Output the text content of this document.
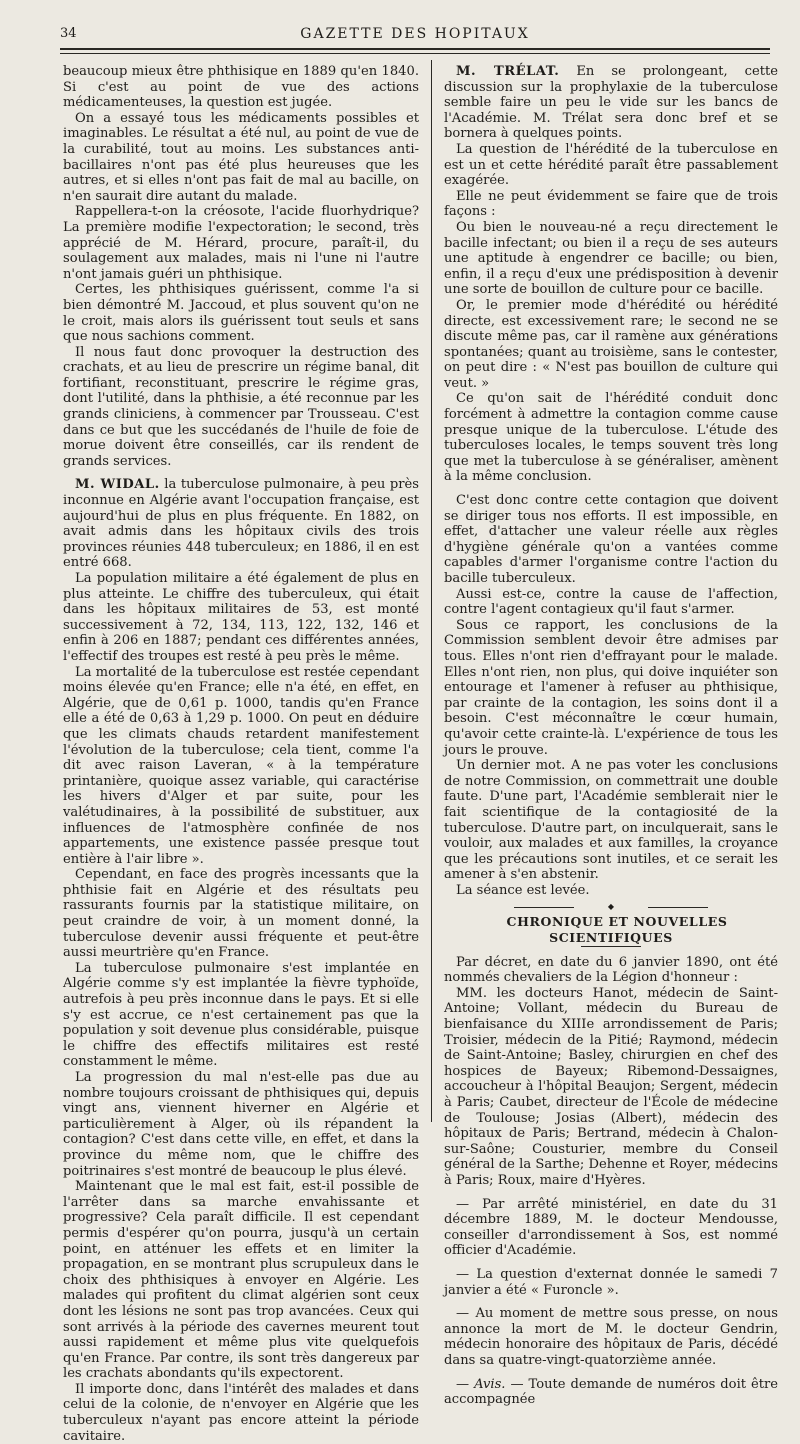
34	GAZETTE DES HOPITAUX

beaucoup mieux être phthisique en 1889 qu'en 1840. Si c'est au point de vue des actions médicamenteuses, la question est jugée.

On a essayé tous les médicaments possibles et imaginables. Le résultat a été nul, au point de vue de la curabilité, tout au moins. Les substances anti-bacillaires n'ont pas été plus heureuses que les autres, et si elles n'ont pas fait de mal au bacille, on n'en saurait dire autant du malade.

Rappellera-t-on la créosote, l'acide fluorhydrique? La première modifie l'expectoration; le second, très apprécié de M. Hérard, procure, paraît-il, du soulagement aux malades, mais ni l'une ni l'autre n'ont jamais guéri un phthisique.

Certes, les phthisiques guérissent, comme l'a si bien démontré M. Jaccoud, et plus souvent qu'on ne le croit, mais alors ils guérissent tout seuls et sans que nous sachions comment.

Il nous faut donc provoquer la destruction des crachats, et au lieu de prescrire un régime banal, dit fortifiant, reconstituant, prescrire le régime gras, dont l'utilité, dans la phthisie, a été reconnue par les grands cliniciens, à commencer par Trousseau. C'est dans ce but que les succédanés de l'huile de foie de morue doivent être conseillés, car ils rendent de grands services.

M. WIDAL. la tuberculose pulmonaire, à peu près inconnue en Algérie avant l'occupation française, est aujourd'hui de plus en plus fréquente. En 1882, on avait admis dans les hôpitaux civils des trois provinces réunies 448 tuberculeux; en 1886, il en est entré 668.

La population militaire a été également de plus en plus atteinte. Le chiffre des tuberculeux, qui était dans les hôpitaux militaires de 53, est monté successivement à 72, 134, 113, 122, 132, 146 et enfin à 206 en 1887; pendant ces différentes années, l'effectif des troupes est resté à peu près le même.

La mortalité de la tuberculose est restée cependant moins élevée qu'en France; elle n'a été, en effet, en Algérie, que de 0,61 p. 1000, tandis qu'en France elle a été de 0,63 à 1,29 p. 1000. On peut en déduire que les climats chauds retardent manifestement l'évolution de la tuberculose; cela tient, comme l'a dit avec raison Laveran, « à la température printanière, quoique assez variable, qui caractérise les hivers d'Alger et par suite, pour les valétudinaires, à la possibilité de substituer, aux influences de l'atmosphère confinée de nos appartements, une existence passée presque tout entière à l'air libre ».

Cependant, en face des progrès incessants que la phthisie fait en Algérie et des résultats peu rassurants fournis par la statistique militaire, on peut craindre de voir, à un moment donné, la tuberculose devenir aussi fréquente et peut-être aussi meurtrière qu'en France.

La tuberculose pulmonaire s'est implantée en Algérie comme s'y est implantée la fièvre typhoïde, autrefois à peu près inconnue dans le pays. Et si elle s'y est accrue, ce n'est certainement pas que la population y soit devenue plus considérable, puisque le chiffre des effectifs militaires est resté constamment le même.

La progression du mal n'est-elle pas due au nombre toujours croissant de phthisiques qui, depuis vingt ans, viennent hiverner en Algérie et particulièrement à Alger, où ils répandent la contagion? C'est dans cette ville, en effet, et dans la province du même nom, que le chiffre des poitrinaires s'est montré de beaucoup le plus élevé.

Maintenant que le mal est fait, est-il possible de l'arrêter dans sa marche envahissante et progressive? Cela paraît difficile. Il est cependant permis d'espérer qu'on pourra, jusqu'à un certain point, en atténuer les effets et en limiter la propagation, en se montrant plus scrupuleux dans le choix des phthisiques à envoyer en Algérie. Les malades qui profitent du climat algérien sont ceux dont les lésions ne sont pas trop avancées. Ceux qui sont arrivés à la période des cavernes meurent tout aussi rapidement et même plus vite quelquefois qu'en France. Par contre, ils sont très dangereux par les crachats abondants qu'ils expectorent.

Il importe donc, dans l'intérêt des malades et dans celui de la colonie, de n'envoyer en Algérie que les tuberculeux n'ayant pas encore atteint la période cavitaire.

M. TRÉLAT. En se prolongeant, cette discussion sur la prophylaxie de la tuberculose semble faire un peu le vide sur les bancs de l'Académie. M. Trélat sera donc bref et se bornera à quelques points.

La question de l'hérédité de la tuberculose en est un et cette hérédité paraît être passablement exagérée.

Elle ne peut évidemment se faire que de trois façons :

Ou bien le nouveau-né a reçu directement le bacille infectant; ou bien il a reçu de ses auteurs une aptitude à engendrer ce bacille; ou bien, enfin, il a reçu d'eux une prédisposition à devenir une sorte de bouillon de culture pour ce bacille.

Or, le premier mode d'hérédité ou hérédité directe, est excessivement rare; le second ne se discute même pas, car il ramène aux générations spontanées; quant au troisième, sans le contester, on peut dire : « N'est pas bouillon de culture qui veut. »

Ce qu'on sait de l'hérédité conduit donc forcément à admettre la contagion comme cause presque unique de la tuberculose. L'étude des tuberculoses locales, le temps souvent très long que met la tuberculose à se généraliser, amènent à la même conclusion.

C'est donc contre cette contagion que doivent se diriger tous nos efforts. Il est impossible, en effet, d'attacher une valeur réelle aux règles d'hygiène générale qu'on a vantées comme capables d'armer l'organisme contre l'action du bacille tuberculeux.

Aussi est-ce, contre la cause de l'affection, contre l'agent contagieux qu'il faut s'armer.

Sous ce rapport, les conclusions de la Commission semblent devoir être admises par tous. Elles n'ont rien d'effrayant pour le malade. Elles n'ont rien, non plus, qui doive inquiéter son entourage et l'amener à refuser au phthisique, par crainte de la contagion, les soins dont il a besoin. C'est méconnaître le cœur humain, qu'avoir cette crainte-là. L'expérience de tous les jours le prouve.

Un dernier mot. A ne pas voter les conclusions de notre Commission, on commettrait une double faute. D'une part, l'Académie semblerait nier le fait scientifique de la contagiosité de la tuberculose. D'autre part, on inculquerait, sans le vouloir, aux malades et aux familles, la croyance que les précautions sont inutiles, et ce serait les amener à s'en abstenir.

La séance est levée.

◆

CHRONIQUE ET NOUVELLES SCIENTIFIQUES

Par décret, en date du 6 janvier 1890, ont été nommés chevaliers de la Légion d'honneur :

MM. les docteurs Hanot, médecin de Saint-Antoine; Vollant, médecin du Bureau de bienfaisance du XIIIe arrondissement de Paris; Troisier, médecin de la Pitié; Raymond, médecin de Saint-Antoine; Basley, chirurgien en chef des hospices de Bayeux; Ribemond-Dessaignes, accoucheur à l'hôpital Beaujon; Sergent, médecin à Paris; Caubet, directeur de l'École de médecine de Toulouse; Josias (Albert), médecin des hôpitaux de Paris; Bertrand, médecin à Chalon-sur-Saône; Cousturier, membre du Conseil général de la Sarthe; Dehenne et Royer, médecins à Paris; Roux, maire d'Hyères.

— Par arrêté ministériel, en date du 31 décembre 1889, M. le docteur Mendousse, conseiller d'arrondissement à Sos, est nommé officier d'Académie.

— La question d'externat donnée le samedi 7 janvier a été « Furoncle ».

— Au moment de mettre sous presse, on nous annonce la mort de M. le docteur Gendrin, médecin honoraire des hôpitaux de Paris, décédé dans sa quatre-vingt-quatorzième année.

— Avis. — Toute demande de numéros doit être accompagnée
